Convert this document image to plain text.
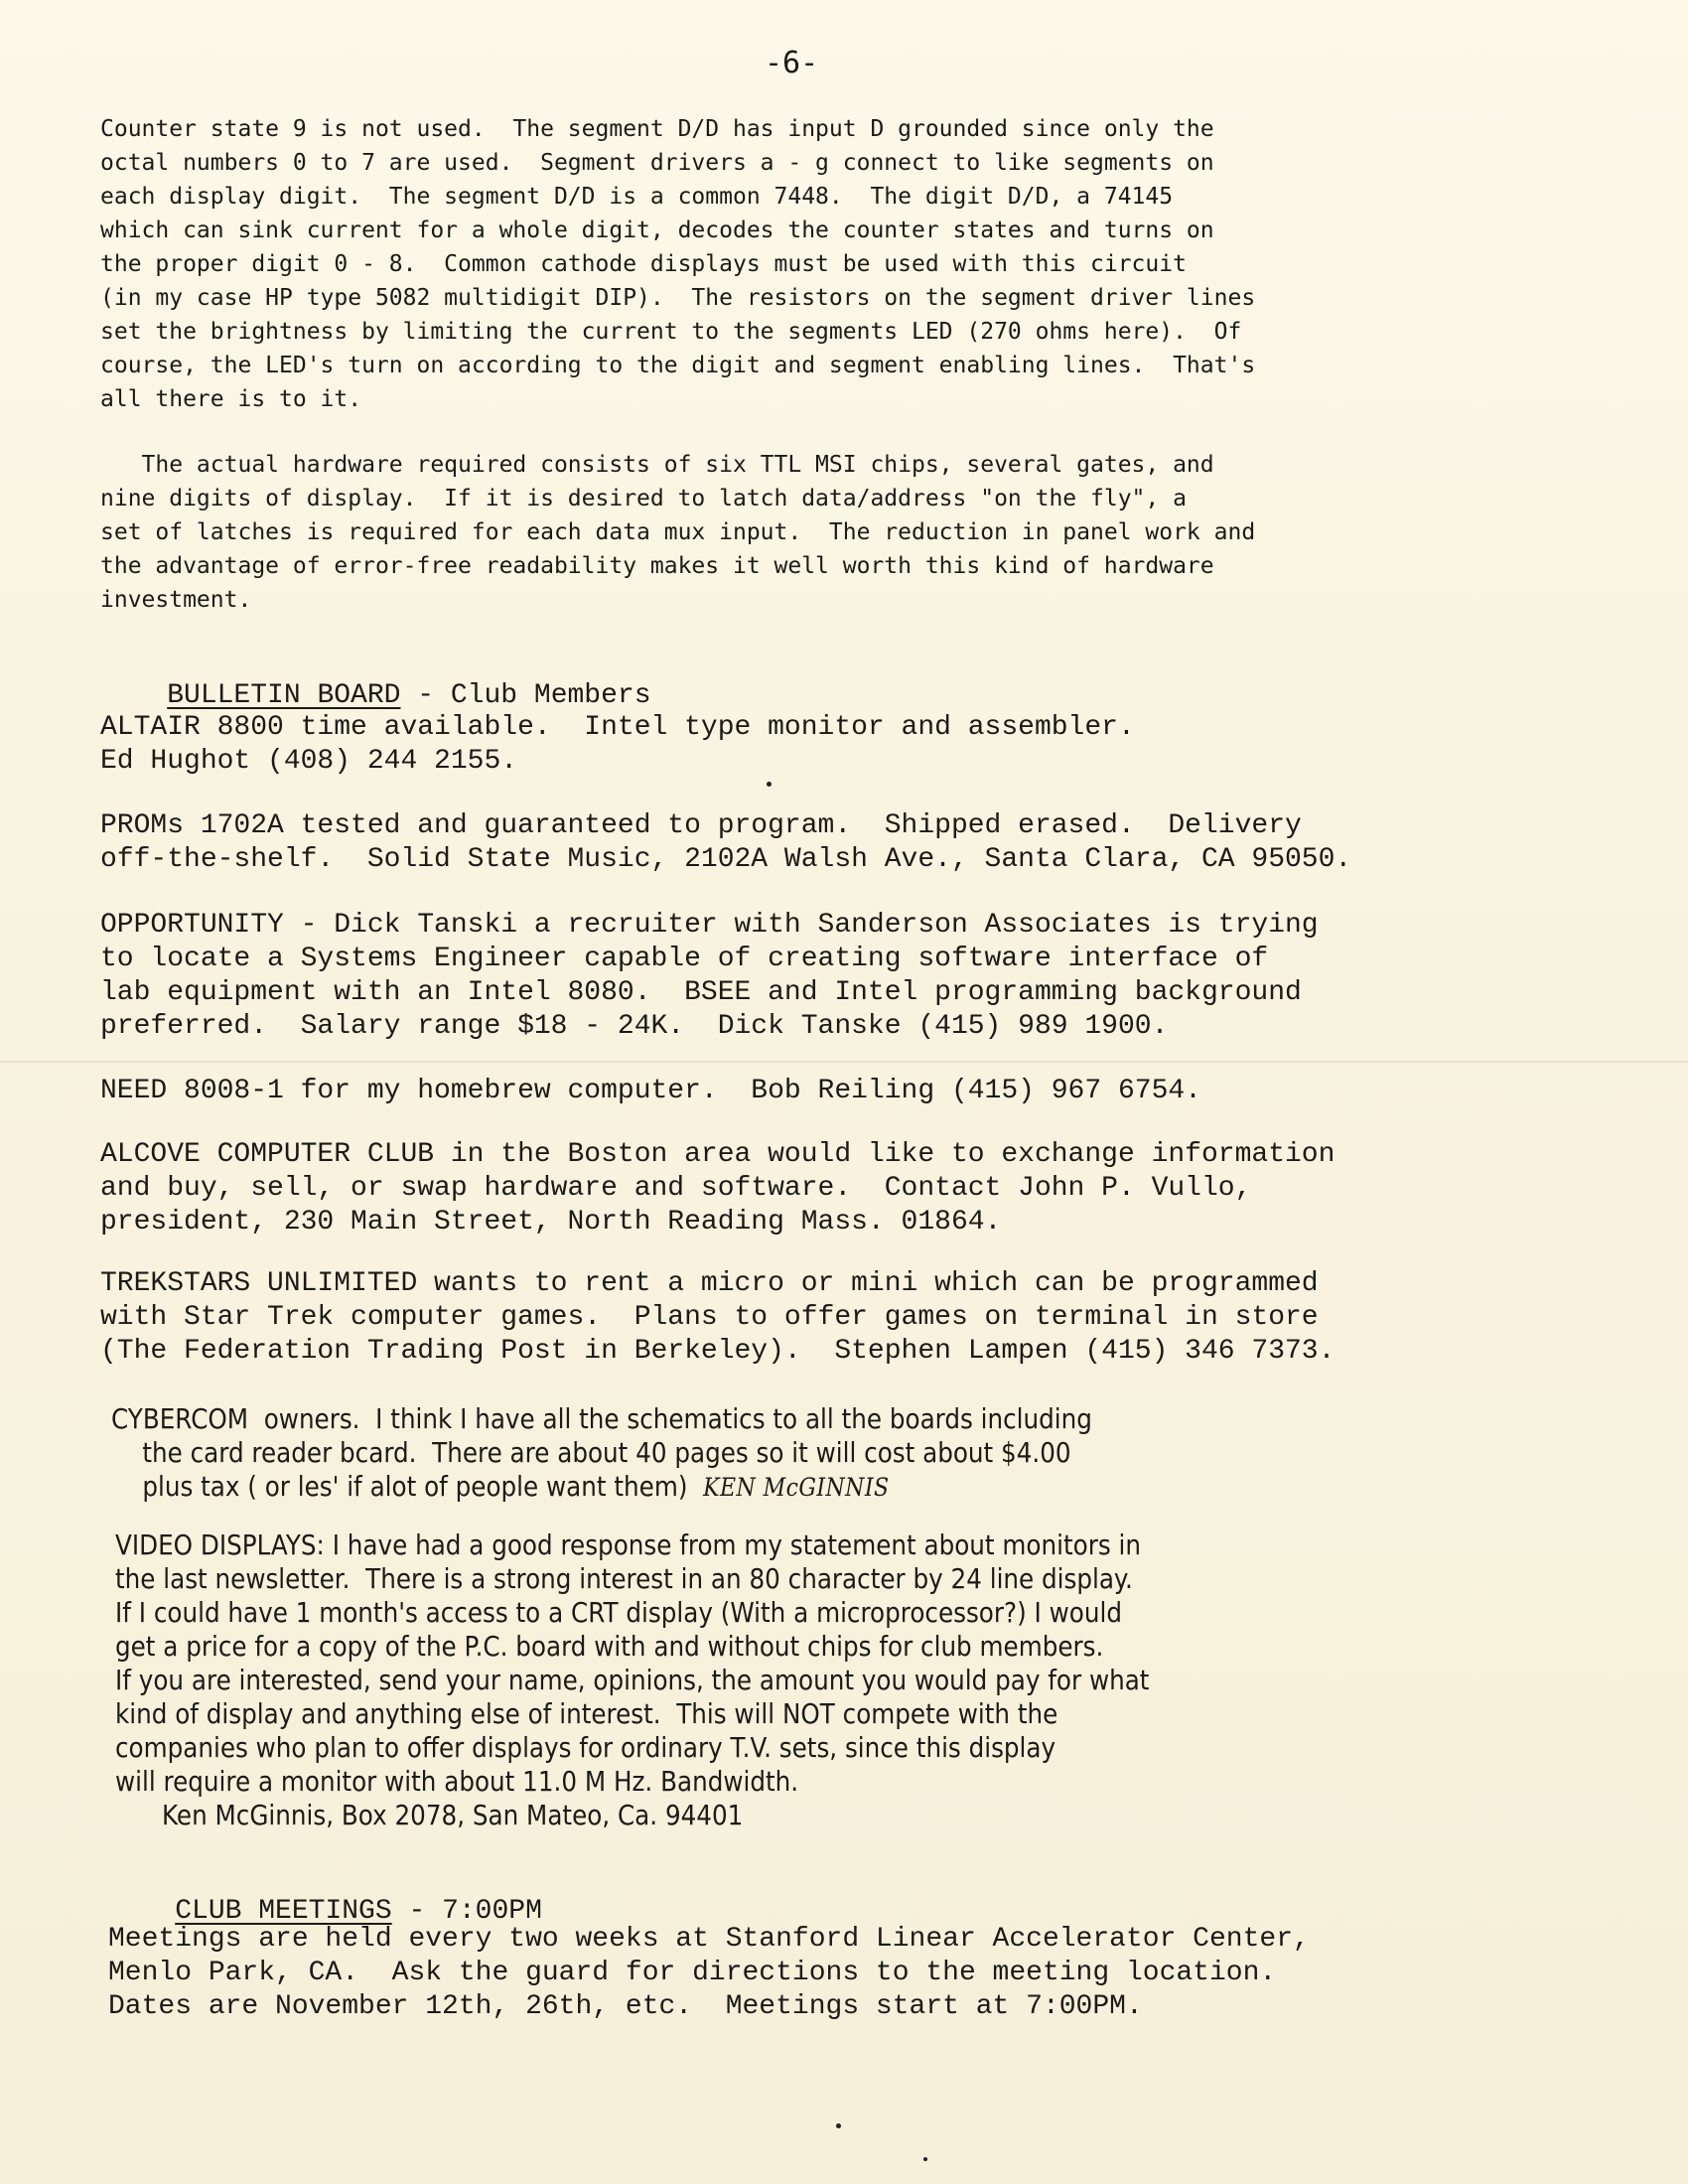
-6-

Counter state 9 is not used.  The segment D/D has input D grounded since only the
octal numbers 0 to 7 are used.  Segment drivers a - g connect to like segments on
each display digit.  The segment D/D is a common 7448.  The digit D/D, a 74145
which can sink current for a whole digit, decodes the counter states and turns on
the proper digit 0 - 8.  Common cathode displays must be used with this circuit
(in my case HP type 5082 multidigit DIP).  The resistors on the segment driver lines
set the brightness by limiting the current to the segments LED (270 ohms here).  Of
course, the LED's turn on according to the digit and segment enabling lines.  That's
all there is to it.

The actual hardware required consists of six TTL MSI chips, several gates, and
nine digits of display.  If it is desired to latch data/address "on the fly", a
set of latches is required for each data mux input.  The reduction in panel work and
the advantage of error-free readability makes it well worth this kind of hardware
investment.

BULLETIN BOARD - Club Members

ALTAIR 8800 time available.  Intel type monitor and assembler.
Ed Hughot (408) 244 2155.

PROMs 1702A tested and guaranteed to program.  Shipped erased.  Delivery
off-the-shelf.  Solid State Music, 2102A Walsh Ave., Santa Clara, CA 95050.

OPPORTUNITY - Dick Tanski a recruiter with Sanderson Associates is trying
to locate a Systems Engineer capable of creating software interface of
lab equipment with an Intel 8080.  BSEE and Intel programming background
preferred.  Salary range $18 - 24K.  Dick Tanske (415) 989 1900.

NEED 8008-1 for my homebrew computer.  Bob Reiling (415) 967 6754.

ALCOVE COMPUTER CLUB in the Boston area would like to exchange information
and buy, sell, or swap hardware and software.  Contact John P. Vullo,
president, 230 Main Street, North Reading Mass. 01864.

TREKSTARS UNLIMITED wants to rent a micro or mini which can be programmed
with Star Trek computer games.  Plans to offer games on terminal in store
(The Federation Trading Post in Berkeley).  Stephen Lampen (415) 346 7373.

CYBERCOM  owners.  I think I have all the schematics to all the boards including
the card reader bcard.  There are about 40 pages so it will cost about $4.00
plus tax ( or les' if alot of people want them)  KEN McGINNIS

VIDEO DISPLAYS: I have had a good response from my statement about monitors in
the last newsletter.  There is a strong interest in an 80 character by 24 line display.
If I could have 1 month's access to a CRT display (With a microprocessor?) I would
get a price for a copy of the P.C. board with and without chips for club members.
If you are interested, send your name, opinions, the amount you would pay for what
kind of display and anything else of interest.  This will NOT compete with the
companies who plan to offer displays for ordinary T.V. sets, since this display
will require a monitor with about 11.0 M Hz. Bandwidth.

Ken McGinnis, Box 2078, San Mateo, Ca. 94401

CLUB MEETINGS - 7:00PM

Meetings are held every two weeks at Stanford Linear Accelerator Center,
Menlo Park, CA.  Ask the guard for directions to the meeting location.
Dates are November 12th, 26th, etc.  Meetings start at 7:00PM.
